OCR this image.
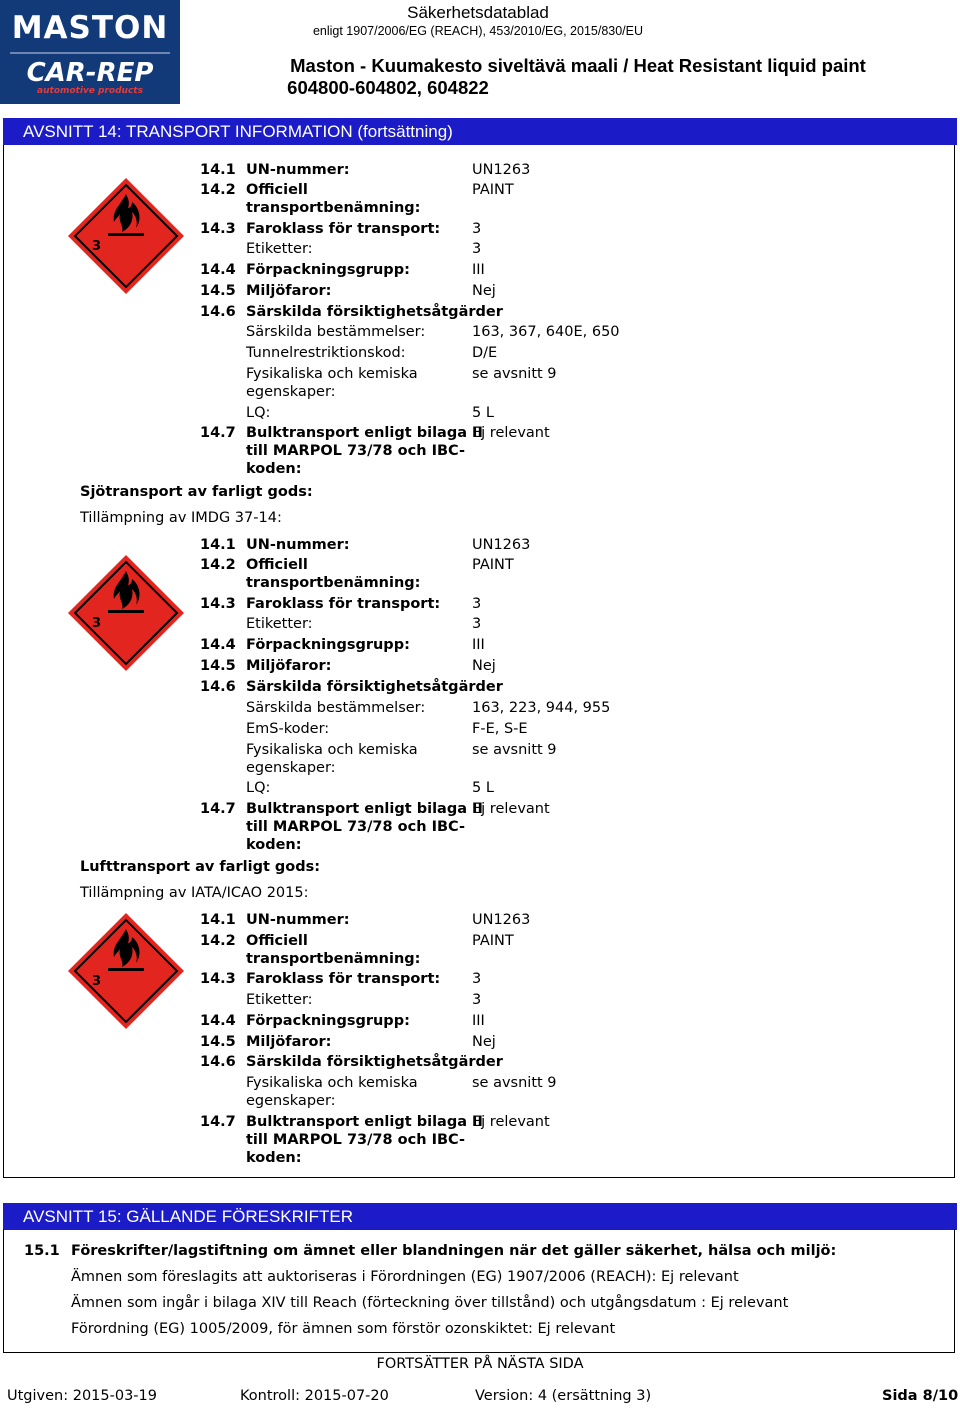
MASTON
CAR-REP
automotive products
Säkerhetsdatablad
enligt 1907/2006/EG (REACH), 453/2010/EG, 2015/830/EU
Maston - Kuumakesto siveltävä maali / Heat Resistant liquid paint
604800-604802, 604822
AVSNITT 14: TRANSPORT INFORMATION (fortsättning)
3
3
3
14.1 UN-nummer:	UN1263
14.2 Officiell
transportbenämning:
PAINT
14.3 Faroklass för transport: 3
Etiketter:	3
14.4 Förpackningsgrupp:	III
14.5 Miljöfaror:	Nej
14.6 Särskilda försiktighetsåtgärder
Särskilda bestämmelser:	163, 367, 640E, 650
Tunnelrestriktionskod:	D/E
Fysikaliska och kemiska
egenskaper:
se avsnitt 9
LQ:	5 L
14.7 Bulktransport enligt bilaga II
till MARPOL 73/78 och IBC-
koden:
Ej relevant
Sjötransport av farligt gods:
Tillämpning av IMDG 37-14:
14.1 UN-nummer:	UN1263
14.2 Officiell
transportbenämning:
PAINT
14.3 Faroklass för transport: 3
Etiketter:	3
14.4 Förpackningsgrupp:	III
14.5 Miljöfaror:	Nej
14.6 Särskilda försiktighetsåtgärder
Särskilda bestämmelser:	163, 223, 944, 955
EmS-koder:	F-E, S-E
Fysikaliska och kemiska
egenskaper:
se avsnitt 9
LQ:	5 L
14.7 Bulktransport enligt bilaga II
till MARPOL 73/78 och IBC-
koden:
Ej relevant
Lufttransport av farligt gods:
Tillämpning av IATA/ICAO 2015:
14.1 UN-nummer:	UN1263
14.2 Officiell
transportbenämning:
PAINT
14.3 Faroklass för transport: 3
Etiketter:	3
14.4 Förpackningsgrupp:	III
14.5 Miljöfaror:	Nej
14.6 Särskilda försiktighetsåtgärder
Fysikaliska och kemiska
egenskaper:
se avsnitt 9
14.7 Bulktransport enligt bilaga II
till MARPOL 73/78 och IBC-
koden:
Ej relevant
AVSNITT 15: GÄLLANDE FÖRESKRIFTER
15.1 Föreskrifter/lagstiftning om ämnet eller blandningen när det gäller säkerhet, hälsa och miljö:
Ämnen som föreslagits att auktoriseras i Förordningen (EG) 1907/2006 (REACH): Ej relevant
Ämnen som ingår i bilaga XIV till Reach (förteckning över tillstånd) och utgångsdatum : Ej relevant
Förordning (EG) 1005/2009, för ämnen som förstör ozonskiktet: Ej relevant
FORTSÄTTER PÅ NÄSTA SIDA
Utgiven: 2015-03-19	Kontroll: 2015-07-20	Version: 4 (ersättning 3)	Sida 8/10
